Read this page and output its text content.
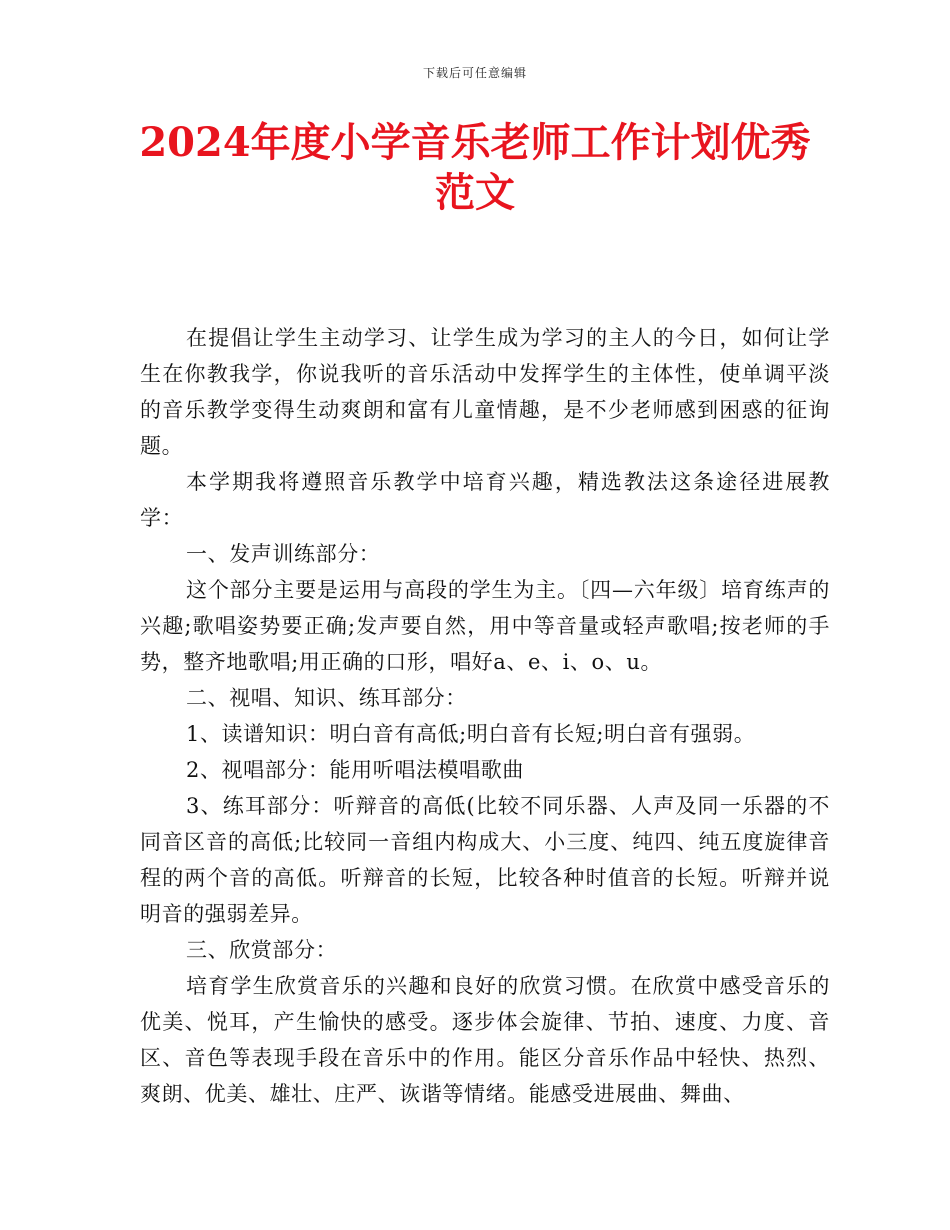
下载后可任意编辑
2024年度小学音乐老师工作计划优秀
范文

在提倡让学生主动学习、让学生成为学习的主人的今日，如何让学生在你教我学，你说我听的音乐活动中发挥学生的主体性，使单调平淡的音乐教学变得生动爽朗和富有儿童情趣，是不少老师感到困惑的征询题。

本学期我将遵照音乐教学中培育兴趣，精选教法这条途径进展教学：

一、发声训练部分：

这个部分主要是运用与高段的学生为主。〔四—六年级〕培育练声的兴趣;歌唱姿势要正确;发声要自然，用中等音量或轻声歌唱;按老师的手势，整齐地歌唱;用正确的口形，唱好a、e、i、o、u。

二、视唱、知识、练耳部分：

1、读谱知识：明白音有高低;明白音有长短;明白音有强弱。

2、视唱部分：能用听唱法模唱歌曲

3、练耳部分：听辩音的高低(比较不同乐器、人声及同一乐器的不同音区音的高低;比较同一音组内构成大、小三度、纯四、纯五度旋律音程的两个音的高低。听辩音的长短，比较各种时值音的长短。听辩并说明音的强弱差异。

三、欣赏部分：

培育学生欣赏音乐的兴趣和良好的欣赏习惯。在欣赏中感受音乐的优美、悦耳，产生愉快的感受。逐步体会旋律、节拍、速度、力度、音区、音色等表现手段在音乐中的作用。能区分音乐作品中轻快、热烈、爽朗、优美、雄壮、庄严、诙谐等情绪。能感受进展曲、舞曲、
